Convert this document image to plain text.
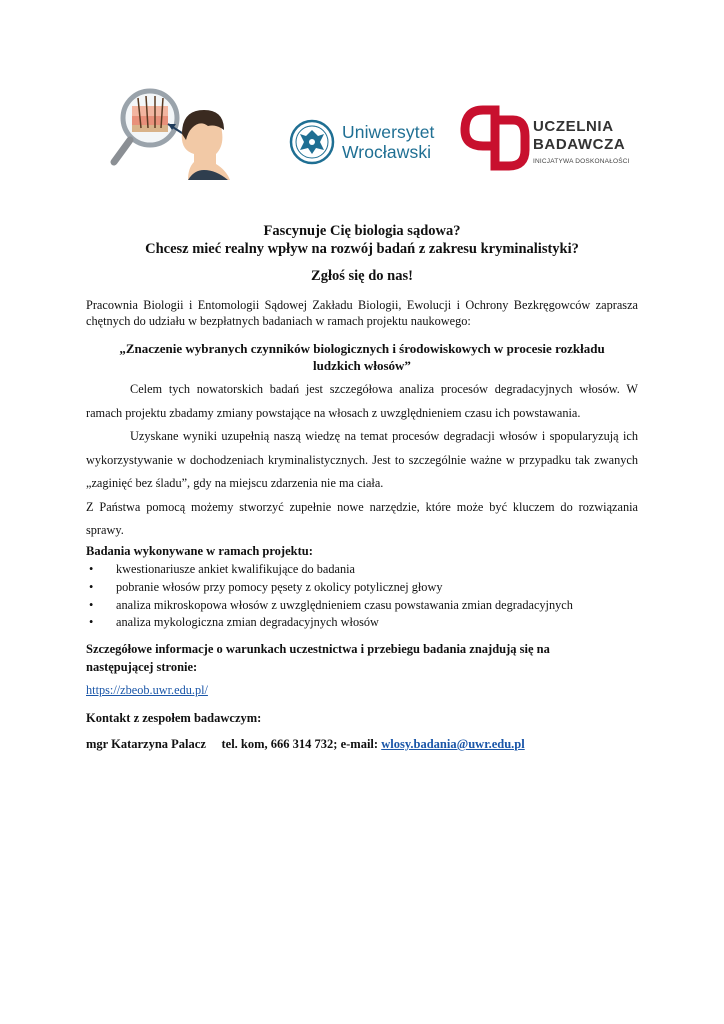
Uniwersytet
Wrocławski
UCZELNIA
BADAWCZA
INICJATYWA DOSKONAŁOŚCI
Fascynuje Cię biologia sądowa?
Chcesz mieć realny wpływ na rozwój badań z zakresu kryminalistyki?
Zgłoś się do nas!
Pracownia Biologii i Entomologii Sądowej Zakładu Biologii, Ewolucji i Ochrony Bezkręgowców zaprasza chętnych do udziału w bezpłatnych badaniach w ramach projektu naukowego:
„Znaczenie wybranych czynników biologicznych i środowiskowych w procesie rozkładu
ludzkich włosów”

Celem tych nowatorskich badań jest szczegółowa analiza procesów degradacyjnych włosów. W ramach projektu zbadamy zmiany powstające na włosach z uwzględnieniem czasu ich powstawania.

Uzyskane wyniki uzupełnią naszą wiedzę na temat procesów degradacji włosów i spopularyzują ich wykorzystywanie w dochodzeniach kryminalistycznych. Jest to szczególnie ważne w przypadku tak zwanych „zaginięć bez śladu”, gdy na miejscu zdarzenia nie ma ciała.

Z Państwa pomocą możemy stworzyć zupełnie nowe narzędzie, które może być kluczem do rozwiązania sprawy.

Badania wykonywane w ramach projektu:
• kwestionariusze ankiet kwalifikujące do badania
• pobranie włosów przy pomocy pęsety z okolicy potylicznej głowy
• analiza mikroskopowa włosów z uwzględnieniem czasu powstawania zmian degradacyjnych
• analiza mykologiczna zmian degradacyjnych włosów
Szczegółowe informacje o warunkach uczestnictwa i przebiegu badania znajdują się na następującej stronie:
https://zbeob.uwr.edu.pl/
Kontakt z zespołem badawczym:
mgr Katarzyna Palacz tel. kom, 666 314 732; e-mail: wlosy.badania@uwr.edu.pl
